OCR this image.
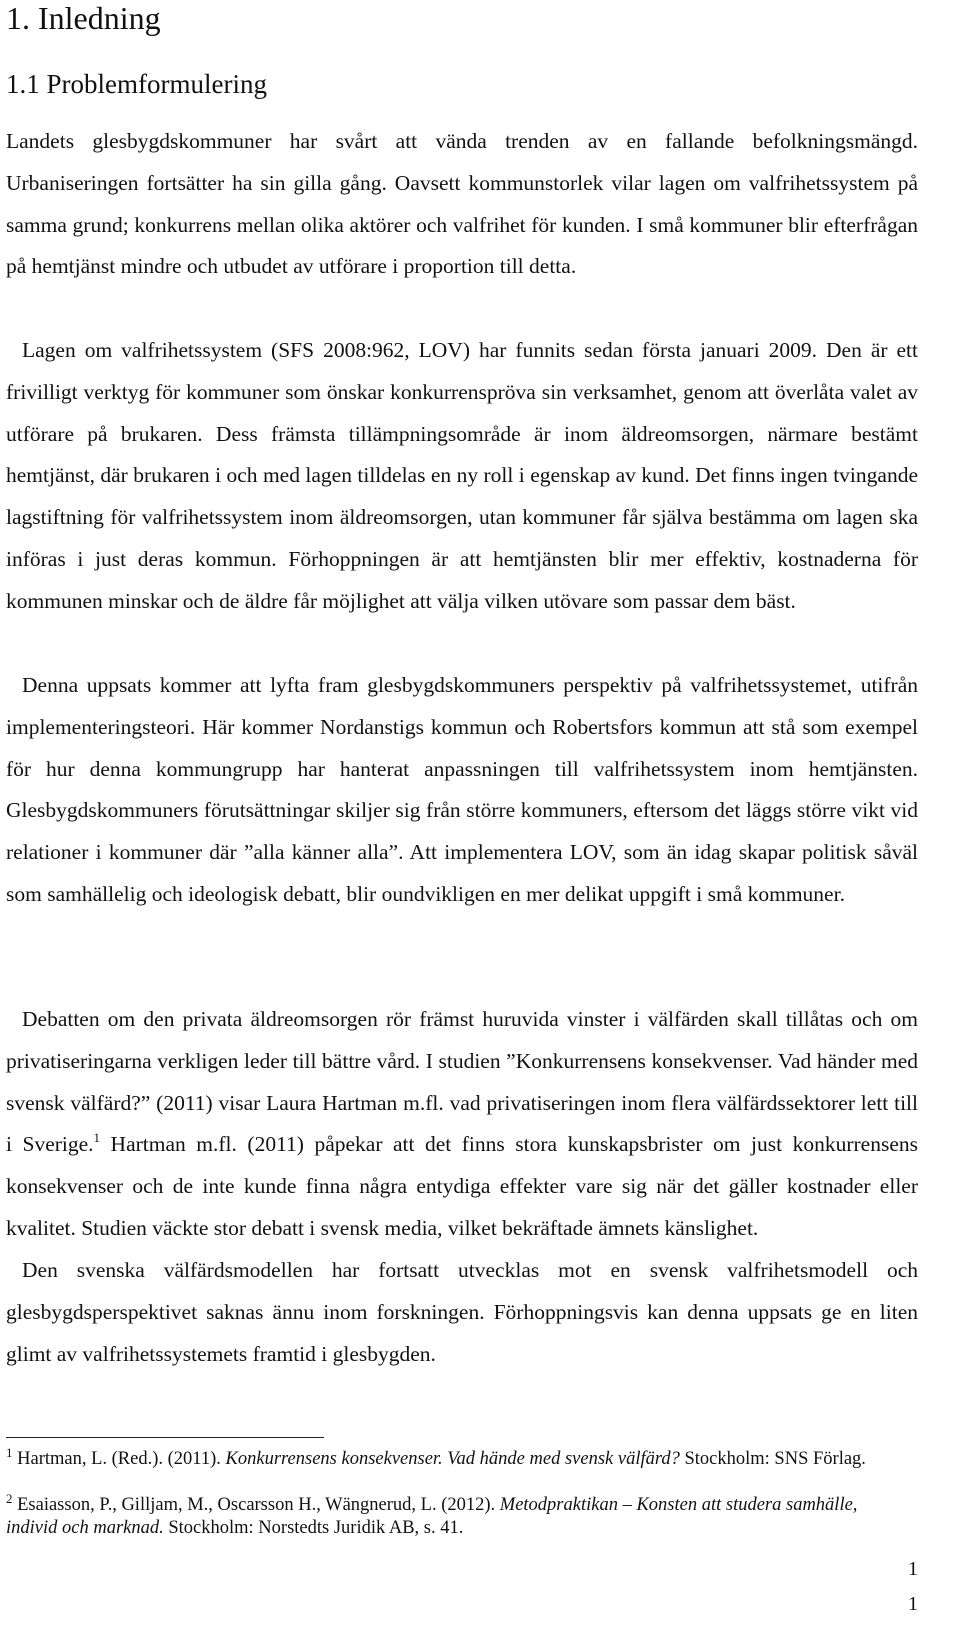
1. Inledning
1.1 Problemformulering

Landets glesbygdskommuner har svårt att vända trenden av en fallande befolkningsmängd. Urbaniseringen fortsätter ha sin gilla gång. Oavsett kommunstorlek vilar lagen om valfrihetssystem på samma grund; konkurrens mellan olika aktörer och valfrihet för kunden. I små kommuner blir efterfrågan på hemtjänst mindre och utbudet av utförare i proportion till detta.

Lagen om valfrihetssystem (SFS 2008:962, LOV) har funnits sedan första januari 2009. Den är ett frivilligt verktyg för kommuner som önskar konkurrenspröva sin verksamhet, genom att överlåta valet av utförare på brukaren. Dess främsta tillämpningsområde är inom äldreomsorgen, närmare bestämt hemtjänst, där brukaren i och med lagen tilldelas en ny roll i egenskap av kund. Det finns ingen tvingande lagstiftning för valfrihetssystem inom äldreomsorgen, utan kommuner får själva bestämma om lagen ska införas i just deras kommun. Förhoppningen är att hemtjänsten blir mer effektiv, kostnaderna för kommunen minskar och de äldre får möjlighet att välja vilken utövare som passar dem bäst.

Denna uppsats kommer att lyfta fram glesbygdskommuners perspektiv på valfrihetssystemet, utifrån implementeringsteori. Här kommer Nordanstigs kommun och Robertsfors kommun att stå som exempel för hur denna kommungrupp har hanterat anpassningen till valfrihetssystem inom hemtjänsten. Glesbygdskommuners förutsättningar skiljer sig från större kommuners, eftersom det läggs större vikt vid relationer i kommuner där ”alla känner alla”. Att implementera LOV, som än idag skapar politisk såväl som samhällelig och ideologisk debatt, blir oundvikligen en mer delikat uppgift i små kommuner.

Debatten om den privata äldreomsorgen rör främst huruvida vinster i välfärden skall tillåtas och om privatiseringarna verkligen leder till bättre vård. I studien ”Konkurrensens konsekvenser. Vad händer med svensk välfärd?” (2011) visar Laura Hartman m.fl. vad privatiseringen inom flera välfärdssektorer lett till i Sverige.$^1$ Hartman m.fl. (2011) påpekar att det finns stora kunskapsbrister om just konkurrensens konsekvenser och de inte kunde finna några entydiga effekter vare sig när det gäller kostnader eller kvalitet. Studien väckte stor debatt i svensk media, vilket bekräftade ämnets känslighet.

Den svenska välfärdsmodellen har fortsatt utvecklas mot en svensk valfrihetsmodell och glesbygdsperspektivet saknas ännu inom forskningen. Förhoppningsvis kan denna uppsats ge en liten glimt av valfrihetssystemets framtid i glesbygden.

$^1$ Hartman, L. (Red.). (2011). Konkurrensens konsekvenser. Vad hände med svensk välfärd? Stockholm: SNS Förlag.

$^2$ Esaiasson, P., Gilljam, M., Oscarsson H., Wängnerud, L. (2012). Metodpraktikan – Konsten att studera samhälle, individ och marknad. Stockholm: Norstedts Juridik AB, s. 41.

1
1
